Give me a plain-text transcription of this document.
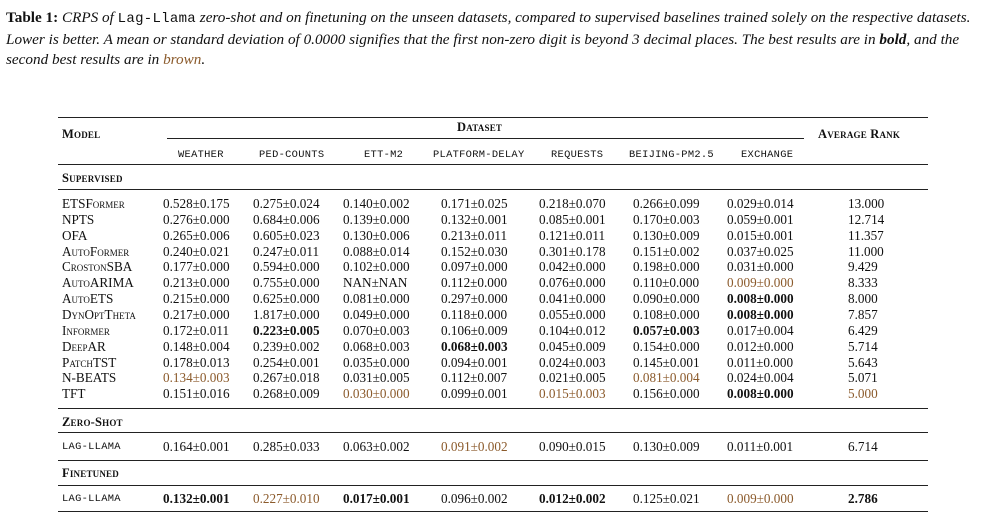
Table 1: CRPS of Lag-Llama zero-shot and on finetuning on the unseen datasets, compared to supervised baselines trained solely on the respective datasets. Lower is better. A mean or standard deviation of 0.0000 signifies that the first non-zero digit is beyond 3 decimal places. The best results are in bold, and the second best results are in brown.
Model	Dataset	Average Rank
WEATHER	PED-COUNTS	ETT-M2	PLATFORM-DELAY	REQUESTS BEIJING-PM2.5	EXCHANGE
Supervised
Zero-Shot
Finetuned
ETSFormer	0.528±0.175 0.275±0.024 0.140±0.002 0.171±0.025 0.218±0.070 0.266±0.099 0.029±0.014	13.000
NPTS	0.276±0.000 0.684±0.006 0.139±0.000 0.132±0.001 0.085±0.001 0.170±0.003 0.059±0.001	12.714
OFA	0.265±0.006 0.605±0.023 0.130±0.006 0.213±0.011 0.121±0.011 0.130±0.009 0.015±0.001	11.357
AutoFormer	0.240±0.021 0.247±0.011 0.088±0.014 0.152±0.030 0.301±0.178 0.151±0.002 0.037±0.025	11.000
CrostonSBA 0.177±0.000 0.594±0.000 0.102±0.000 0.097±0.000 0.042±0.000 0.198±0.000 0.031±0.000	9.429
AutoARIMA 0.213±0.000 0.755±0.000 NAN±NAN	0.112±0.000 0.076±0.000 0.110±0.000 0.009±0.000	8.333
AutoETS	0.215±0.000 0.625±0.000 0.081±0.000 0.297±0.000 0.041±0.000 0.090±0.000 0.008±0.000	8.000
DynOptTheta 0.217±0.000 1.817±0.000 0.049±0.000 0.118±0.000 0.055±0.000 0.108±0.000 0.008±0.000	7.857
Informer	0.172±0.011 0.223±0.005 0.070±0.003 0.106±0.009 0.104±0.012 0.057±0.003 0.017±0.004	6.429
DeepAR	0.148±0.004 0.239±0.002 0.068±0.003 0.068±0.003 0.045±0.009 0.154±0.000 0.012±0.000	5.714
PatchTST	0.178±0.013 0.254±0.001 0.035±0.000 0.094±0.001 0.024±0.003 0.145±0.001 0.011±0.000	5.643
N-BEATS	0.134±0.003 0.267±0.018 0.031±0.005 0.112±0.007 0.021±0.005 0.081±0.004 0.024±0.004	5.071
TFT	0.151±0.016 0.268±0.009 0.030±0.000 0.099±0.001 0.015±0.003 0.156±0.000 0.008±0.000	5.000
LAG-LLAMA	0.164±0.001 0.285±0.033 0.063±0.002 0.091±0.002 0.090±0.015 0.130±0.009 0.011±0.001	6.714
LAG-LLAMA	0.132±0.001 0.227±0.010 0.017±0.001 0.096±0.002 0.012±0.002 0.125±0.021 0.009±0.000	2.786
